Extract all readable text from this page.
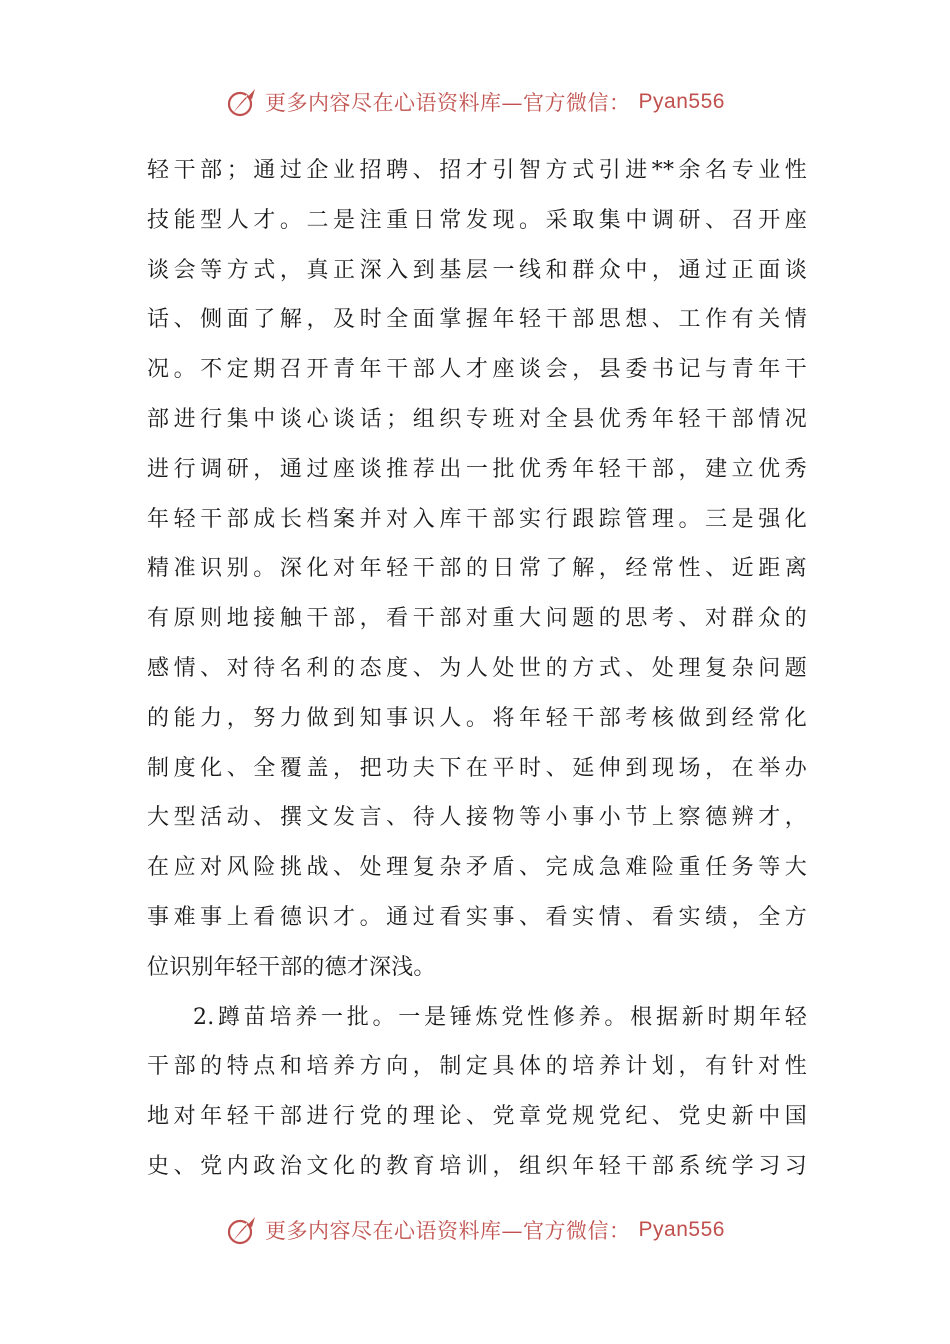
更多内容尽在心语资料库—官方微信： Pyan556
轻干部；通过企业招聘、招才引智方式引进**余名专业性
技能型人才。二是注重日常发现。采取集中调研、召开座
谈会等方式，真正深入到基层一线和群众中，通过正面谈
话、侧面了解，及时全面掌握年轻干部思想、工作有关情
况。不定期召开青年干部人才座谈会，县委书记与青年干
部进行集中谈心谈话；组织专班对全县优秀年轻干部情况
进行调研，通过座谈推荐出一批优秀年轻干部，建立优秀
年轻干部成长档案并对入库干部实行跟踪管理。三是强化
精准识别。深化对年轻干部的日常了解，经常性、近距离
有原则地接触干部，看干部对重大问题的思考、对群众的
感情、对待名利的态度、为人处世的方式、处理复杂问题
的能力，努力做到知事识人。将年轻干部考核做到经常化
制度化、全覆盖，把功夫下在平时、延伸到现场，在举办
大型活动、撰文发言、待人接物等小事小节上察德辨才，
在应对风险挑战、处理复杂矛盾、完成急难险重任务等大
事难事上看德识才。通过看实事、看实情、看实绩，全方
位识别年轻干部的德才深浅。
2.蹲苗培养一批。一是锤炼党性修养。根据新时期年轻
干部的特点和培养方向，制定具体的培养计划，有针对性
地对年轻干部进行党的理论、党章党规党纪、党史新中国
史、党内政治文化的教育培训，组织年轻干部系统学习习
更多内容尽在心语资料库—官方微信： Pyan556
